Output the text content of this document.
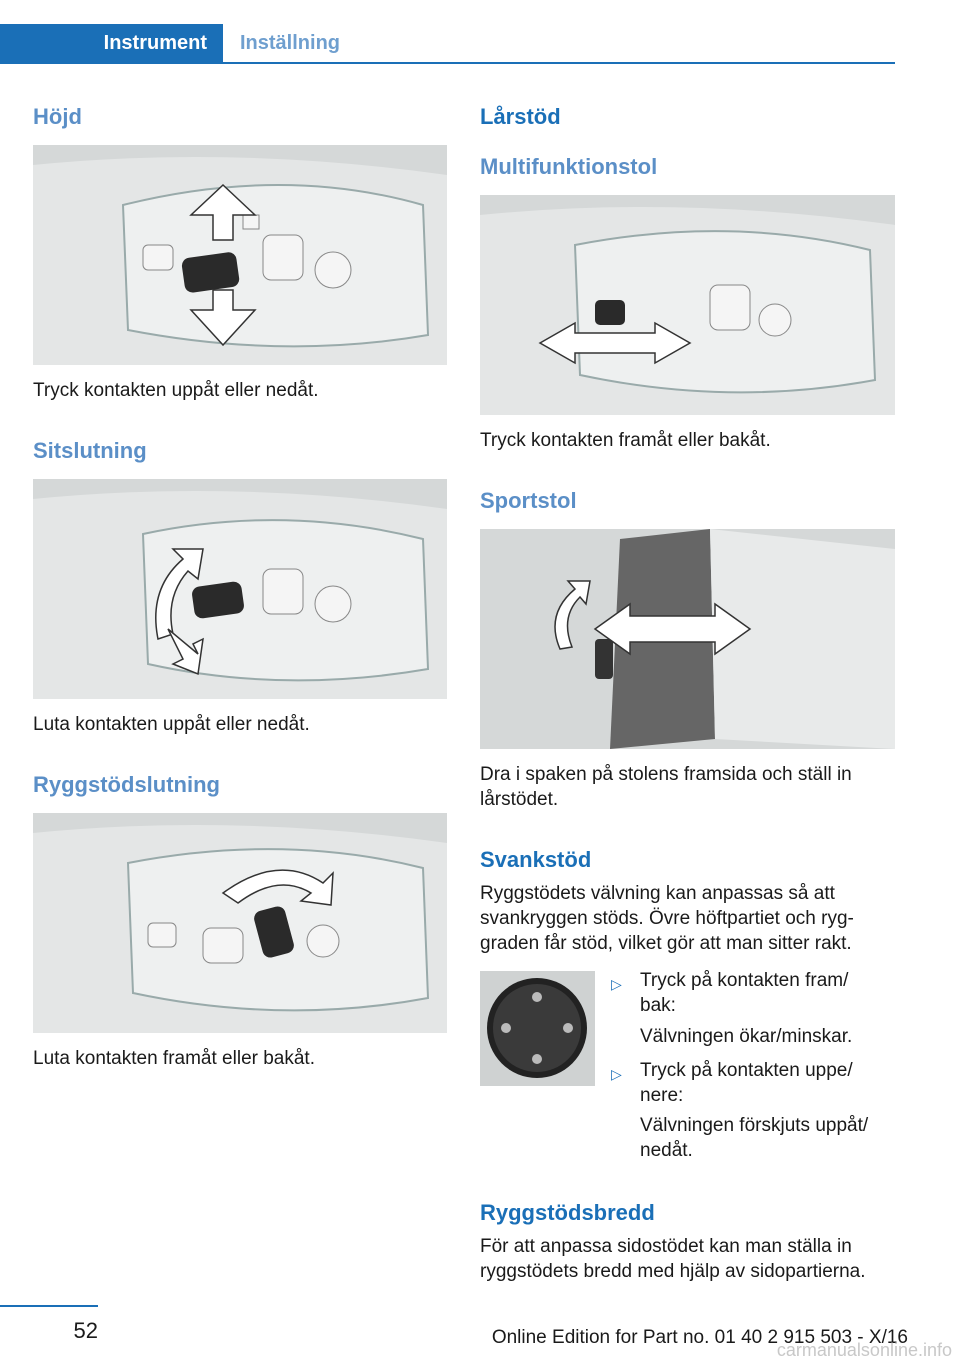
Instrument	Inställning
Höjd
Tryck kontakten uppåt eller nedåt.
Sitslutning
Luta kontakten uppåt eller nedåt.
Ryggstödslutning
Luta kontakten framåt eller bakåt.
Lårstöd
Multifunktionstol
Tryck kontakten framåt eller bakåt.
Sportstol
Dra i spaken på stolens framsida och ställ in lårstödet.
Svankstöd
Ryggstödets välvning kan anpassas så att svankryggen stöds. Övre höftpartiet och ryg‐graden får stöd, vilket gör att man sitter rakt.
▷ Tryck på kontakten fram/ bak:
Välvningen ökar/minskar.
▷ Tryck på kontakten uppe/ nere:
Välvningen förskjuts uppåt/ nedåt.
Ryggstödsbredd
För att anpassa sidostödet kan man ställa in ryggstödets bredd med hjälp av sidopartierna.
52	Online Edition for Part no. 01 40 2 915 503 - X/16
carmanualsonline.info
